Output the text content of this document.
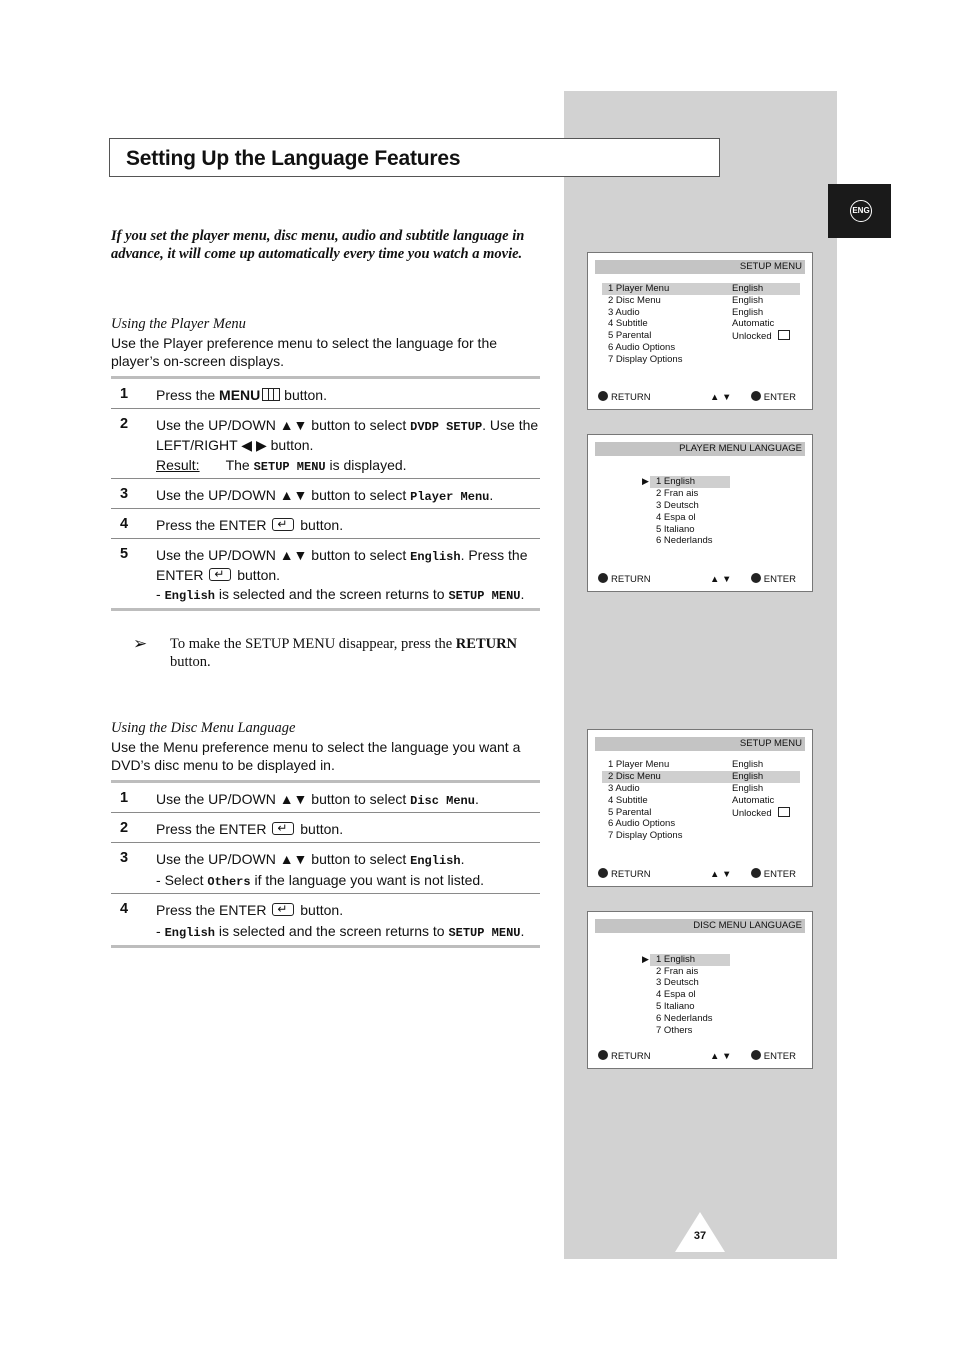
Setting Up the Language Features
ENG
If you set the player menu, disc menu, audio and subtitle language in advance, it will come up automatically every time you watch a movie.
Using the Player Menu
Use the Player preference menu to select the language for the player’s on-screen displays.
1 Press the MENU button.
2 Use the UP/DOWN ▲▼ button to select DVDP SETUP. Use the LEFT/RIGHT ◀ ▶ button.
Result: The SETUP MENU is displayed.
3 Use the UP/DOWN ▲▼ button to select Player Menu.
4 Press the ENTER ↵ button.
5 Use the UP/DOWN ▲▼ button to select English. Press the ENTER ↵ button.
- English is selected and the screen returns to SETUP MENU.
➢ To make the SETUP MENU disappear, press the RETURN button.
Using the Disc Menu Language
Use the Menu preference menu to select the language you want a DVD’s disc menu to be displayed in.
1 Use the UP/DOWN ▲▼ button to select Disc Menu.
2 Press the ENTER ↵ button.
3 Use the UP/DOWN ▲▼ button to select English.
- Select Others if the language you want is not listed.
4 Press the ENTER ↵ button.
- English is selected and the screen returns to SETUP MENU.
SETUP MENU
1 Player Menu	English
2 Disc Menu	English
3 Audio	English
4 Subtitle	Automatic
5 Parental	Unlocked
6 Audio Options
7 Display Options
RETURN	▲ ▼	ENTER
PLAYER MENU LANGUAGE
▶ 1 English
2 Fran ais
3 Deutsch
4 Espa ol
5 Italiano
6 Nederlands
RETURN	▲ ▼	ENTER
SETUP MENU
1 Player Menu	English
2 Disc Menu	English
3 Audio	English
4 Subtitle	Automatic
5 Parental	Unlocked
6 Audio Options
7 Display Options
RETURN	▲ ▼	ENTER
DISC MENU LANGUAGE
▶ 1 English
2 Fran ais
3 Deutsch
4 Espa ol
5 Italiano
6 Nederlands
7 Others
RETURN	▲ ▼	ENTER
37
